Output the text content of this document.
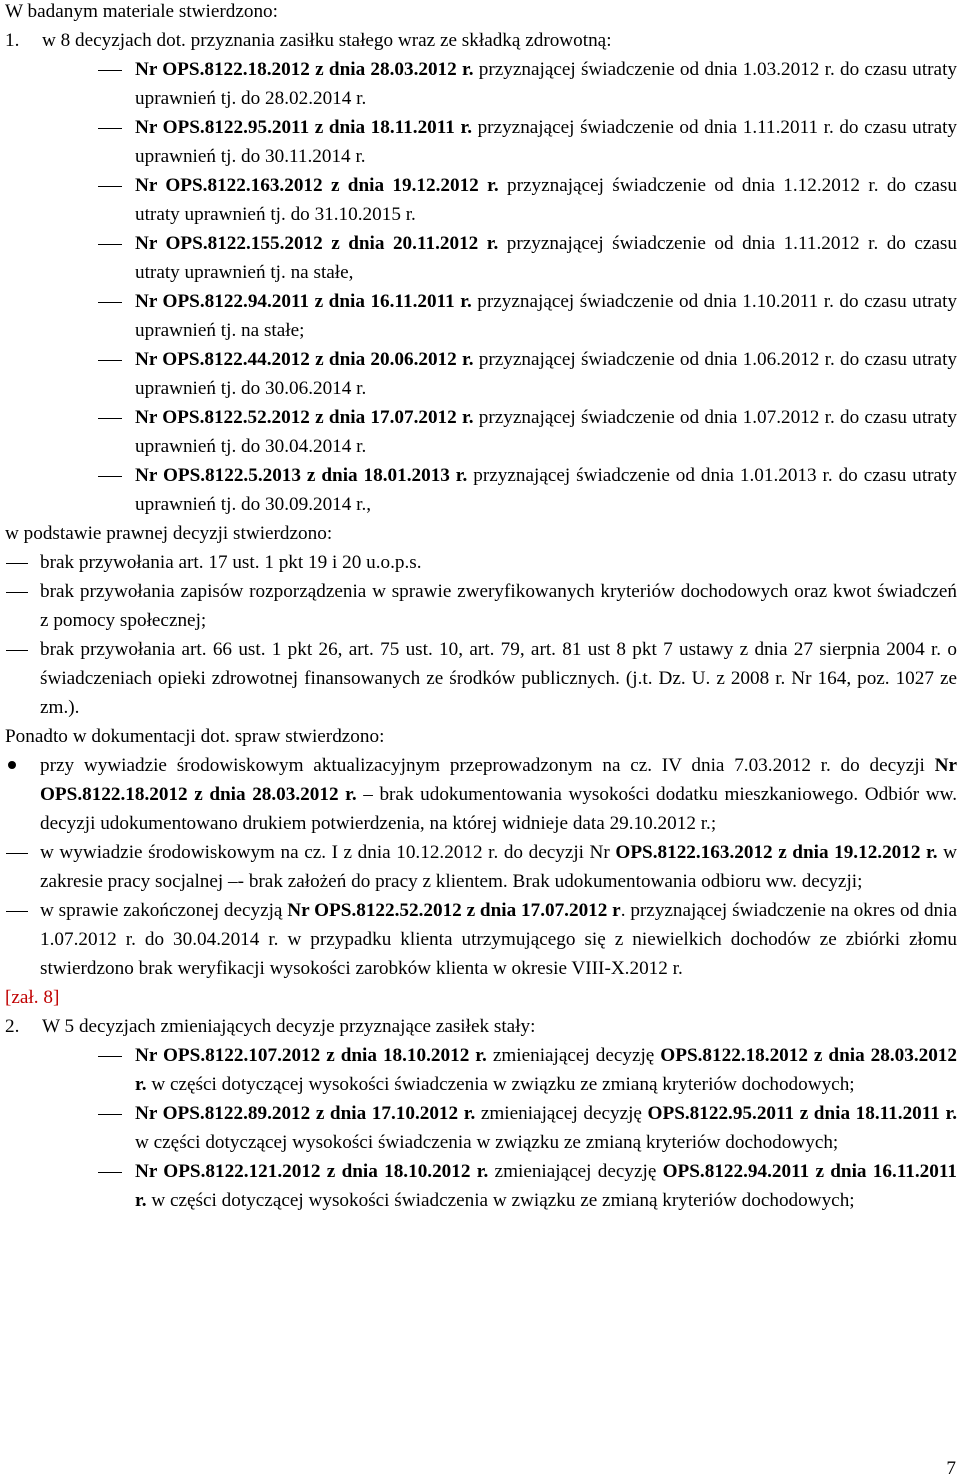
W badanym materiale stwierdzono:
1.	w 8 decyzjach dot. przyznania zasiłku stałego wraz ze składką zdrowotną:
Nr OPS.8122.18.2012 z dnia 28.03.2012 r. przyznającej świadczenie od dnia 1.03.2012 r. do czasu utraty uprawnień tj. do 28.02.2014 r.
Nr OPS.8122.95.2011 z dnia 18.11.2011 r. przyznającej świadczenie od dnia 1.11.2011 r. do czasu utraty uprawnień tj. do 30.11.2014 r.
Nr OPS.8122.163.2012 z dnia 19.12.2012 r. przyznającej świadczenie od dnia 1.12.2012 r. do czasu utraty uprawnień tj. do 31.10.2015 r.
Nr OPS.8122.155.2012 z dnia 20.11.2012 r. przyznającej świadczenie od dnia 1.11.2012 r. do czasu utraty uprawnień tj. na stałe,
Nr OPS.8122.94.2011 z dnia 16.11.2011 r. przyznającej świadczenie od dnia 1.10.2011 r. do czasu utraty uprawnień tj. na stałe;
Nr OPS.8122.44.2012 z dnia 20.06.2012 r. przyznającej świadczenie od dnia 1.06.2012 r. do czasu utraty uprawnień tj. do 30.06.2014 r.
Nr OPS.8122.52.2012 z dnia 17.07.2012 r. przyznającej świadczenie od dnia 1.07.2012 r. do czasu utraty uprawnień tj. do 30.04.2014 r.
Nr OPS.8122.5.2013 z dnia 18.01.2013 r. przyznającej świadczenie od dnia 1.01.2013 r. do czasu utraty uprawnień tj. do 30.09.2014 r.,
w podstawie prawnej decyzji stwierdzono:
brak przywołania art. 17 ust. 1 pkt 19 i 20 u.o.p.s.
brak przywołania zapisów rozporządzenia w sprawie zweryfikowanych kryteriów dochodowych oraz kwot świadczeń z pomocy społecznej;
brak przywołania art. 66 ust. 1 pkt 26, art. 75 ust. 10, art. 79, art. 81 ust 8 pkt 7 ustawy z dnia 27 sierpnia 2004 r. o świadczeniach opieki zdrowotnej finansowanych ze środków publicznych. (j.t. Dz. U. z 2008 r. Nr 164, poz. 1027 ze zm.).
Ponadto w dokumentacji dot. spraw stwierdzono:
przy wywiadzie środowiskowym aktualizacyjnym przeprowadzonym na cz. IV dnia 7.03.2012 r. do decyzji Nr OPS.8122.18.2012 z dnia 28.03.2012 r. – brak udokumentowania wysokości dodatku mieszkaniowego. Odbiór ww. decyzji udokumentowano drukiem potwierdzenia, na której widnieje data 29.10.2012 r.;
w wywiadzie środowiskowym na cz. I z dnia 10.12.2012 r. do decyzji Nr OPS.8122.163.2012 z dnia 19.12.2012 r. w zakresie pracy socjalnej –- brak założeń do pracy z klientem. Brak udokumentowania odbioru ww. decyzji;
w sprawie zakończonej decyzją Nr OPS.8122.52.2012 z dnia 17.07.2012 r. przyznającej świadczenie na okres od dnia 1.07.2012 r. do 30.04.2014 r. w przypadku klienta utrzymującego się z niewielkich dochodów ze zbiórki złomu stwierdzono brak weryfikacji wysokości zarobków klienta w okresie VIII-X.2012 r.
[zał. 8]
2.	W 5 decyzjach zmieniających decyzje przyznające zasiłek stały:
Nr OPS.8122.107.2012 z dnia 18.10.2012 r. zmieniającej decyzję OPS.8122.18.2012 z dnia 28.03.2012 r. w części dotyczącej wysokości świadczenia w związku ze zmianą kryteriów dochodowych;
Nr OPS.8122.89.2012 z dnia 17.10.2012 r. zmieniającej decyzję OPS.8122.95.2011 z dnia 18.11.2011 r. w części dotyczącej wysokości świadczenia w związku ze zmianą kryteriów dochodowych;
Nr OPS.8122.121.2012 z dnia 18.10.2012 r. zmieniającej decyzję OPS.8122.94.2011 z dnia 16.11.2011 r. w części dotyczącej wysokości świadczenia w związku ze zmianą kryteriów dochodowych;
7
